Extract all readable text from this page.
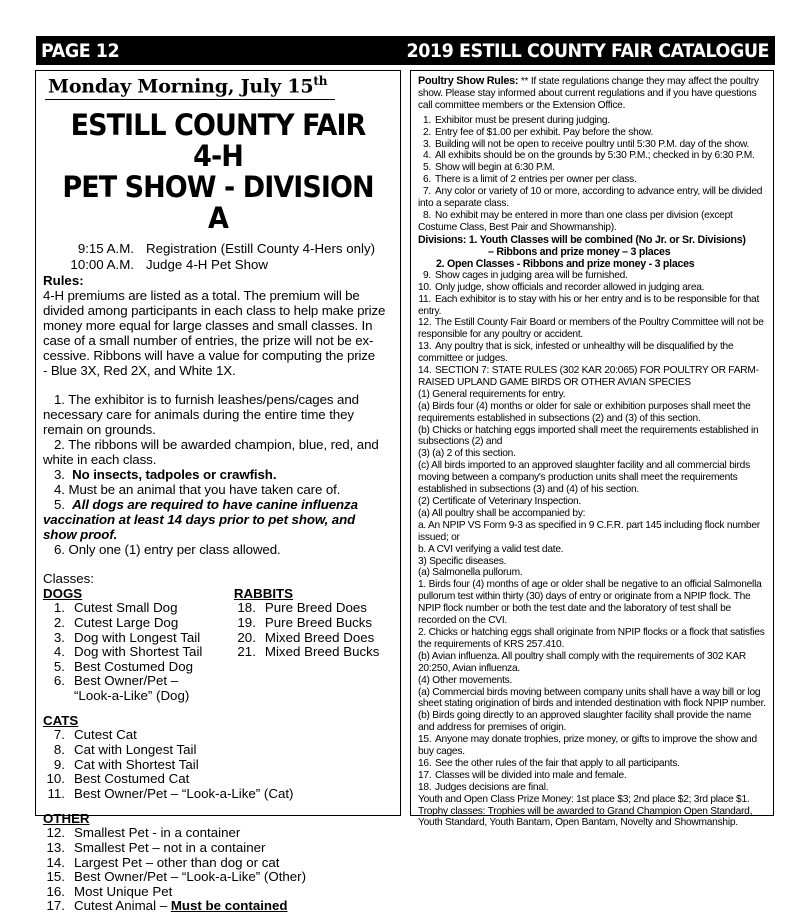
PAGE 12	2019 ESTILL COUNTY FAIR CATALOGUE
Monday Morning, July 15th
ESTILL COUNTY FAIR 4-H
PET SHOW - DIVISION A
9:15 A.M. Registration (Estill County 4-Hers only)
10:00 A.M. Judge 4-H Pet Show
Rules:
4-H premiums are listed as a total. The premium will be
divided among participants in each class to help make prize
money more equal for large classes and small classes. In
case of a small number of entries, the prize will not be ex-
cessive. Ribbons will have a value for computing the prize
- Blue 3X, Red 2X, and White 1X.
1. The exhibitor is to furnish leashes/pens/cages and
necessary care for animals during the entire time they
remain on grounds.
2. The ribbons will be awarded champion, blue, red, and
white in each class.
3. No insects, tadpoles or crawfish.
4. Must be an animal that you have taken care of.
5. All dogs are required to have canine influenza
vaccination at least 14 days prior to pet show, and
show proof.
6. Only one (1) entry per class allowed.
Classes:
DOGS
1. Cutest Small Dog
2. Cutest Large Dog
3. Dog with Longest Tail
4. Dog with Shortest Tail
5. Best Costumed Dog
6. Best Owner/Pet –
“Look-a-Like” (Dog)
RABBITS
18. Pure Breed Does
19. Pure Breed Bucks
20. Mixed Breed Does
21. Mixed Breed Bucks
CATS
7. Cutest Cat
8. Cat with Longest Tail
9. Cat with Shortest Tail
10. Best Costumed Cat
11. Best Owner/Pet – “Look-a-Like” (Cat)
OTHER
12. Smallest Pet - in a container
13. Smallest Pet – not in a container
14. Largest Pet – other than dog or cat
15. Best Owner/Pet – “Look-a-Like” (Other)
16. Most Unique Pet
17. Cutest Animal – Must be contained
Poultry Show Rules: ** If state regulations change they may affect the poultry show. Please stay informed about current regulations and if you have questions call committee members or the Extension Office.
1. Exhibitor must be present during judging.
2. Entry fee of $1.00 per exhibit. Pay before the show.
3. Building will not be open to receive poultry until 5:30 P.M. day of the show.
4. All exhibits should be on the grounds by 5:30 P.M.; checked in by 6:30 P.M.
5. Show will begin at 6:30 P.M.
6. There is a limit of 2 entries per owner per class.
7. Any color or variety of 10 or more, according to advance entry, will be divided into a separate class.
8. No exhibit may be entered in more than one class per division (except Costume Class, Best Pair and Showmanship).
Divisions: 1. Youth Classes will be combined (No Jr. or Sr. Divisions)
– Ribbons and prize money – 3 places
2. Open Classes - Ribbons and prize money - 3 places
9. Show cages in judging area will be furnished.
10. Only judge, show officials and recorder allowed in judging area.
11. Each exhibitor is to stay with his or her entry and is to be responsible for that entry.
12. The Estill County Fair Board or members of the Poultry Committee will not be responsible for any poultry or accident.
13. Any poultry that is sick, infested or unhealthy will be disqualified by the committee or judges.
14. SECTION 7: STATE RULES (302 KAR 20:065) FOR POULTRY OR FARM-RAISED UPLAND GAME BIRDS OR OTHER AVIAN SPECIES
(1) General requirements for entry.
(a) Birds four (4) months or older for sale or exhibition purposes shall meet the requirements established in subsections (2) and (3) of this section.
(b) Chicks or hatching eggs imported shall meet the requirements established in subsections (2) and
(3) (a) 2 of this section.
(c) All birds imported to an approved slaughter facility and all commercial birds moving between a company's production units shall meet the requirements established in subsections (3) and (4) of his section.
(2) Certificate of Veterinary Inspection.
(a) All poultry shall be accompanied by:
a. An NPIP VS Form 9-3 as specified in 9 C.F.R. part 145 including flock number issued; or
b. A CVI verifying a valid test date.
3) Specific diseases.
(a) Salmonella pullorum.
1. Birds four (4) months of age or older shall be negative to an official Salmonella pullorum test within thirty (30) days of entry or originate from a NPIP flock. The NPIP flock number or both the test date and the laboratory of test shall be recorded on the CVI.
2. Chicks or hatching eggs shall originate from NPIP flocks or a flock that satisfies the requirements of KRS 257.410.
(b) Avian influenza. All poultry shall comply with the requirements of 302 KAR 20:250, Avian influenza.
(4) Other movements.
(a) Commercial birds moving between company units shall have a way bill or log sheet stating origination of birds and intended destination with flock NPIP number.
(b) Birds going directly to an approved slaughter facility shall provide the name and address for premises of origin.
15. Anyone may donate trophies, prize money, or gifts to improve the show and buy cages.
16. See the other rules of the fair that apply to all participants.
17. Classes will be divided into male and female.
18. Judges decisions are final.
Youth and Open Class Prize Money: 1st place $3; 2nd place $2; 3rd place $1.
Trophy classes: Trophies will be awarded to Grand Champion Open Standard, Youth Standard, Youth Bantam, Open Bantam, Novelty and Showmanship.
